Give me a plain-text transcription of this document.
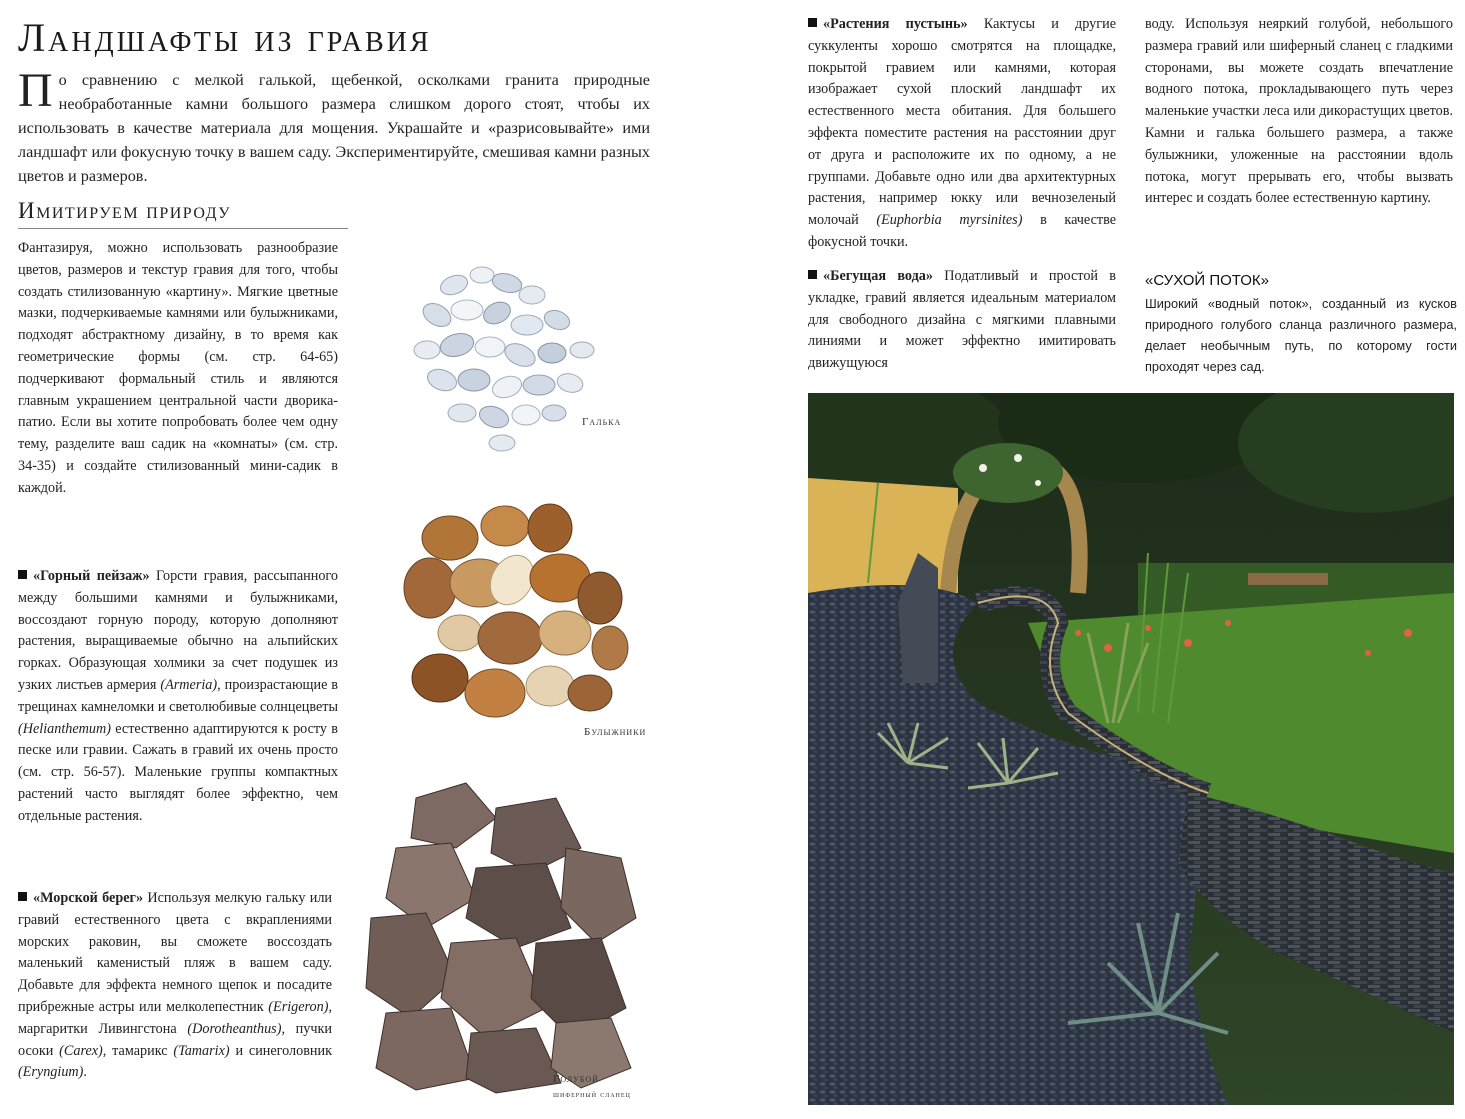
Ландшафты из гравия
По сравнению с мелкой галькой, щебенкой, осколками гранита природные необработанные камни большого размера слишком дорого стоят, чтобы их использовать в качестве материала для мощения. Украшайте и «разрисовывайте» ими ландшафт или фокусную точку в вашем саду. Экспериментируйте, смешивая камни разных цветов и размеров.
Имитируем природу
Фантазируя, можно использовать разнообразие цветов, размеров и текстур гравия для того, чтобы создать стилизованную «картину». Мягкие цветные мазки, подчеркиваемые камнями или булыжниками, подходят абстрактному дизайну, в то время как геометрические формы (см. стр. 64-65) подчеркивают формальный стиль и являются главным украшением центральной части дворика-патио. Если вы хотите попробовать более чем одну тему, разделите ваш садик на «комнаты» (см. стр. 34-35) и создайте стилизованный мини-садик в каждой.
«Горный пейзаж» Горсти гравия, рассыпанного между большими камнями и булыжниками, воссоздают горную породу, которую дополняют растения, выращиваемые обычно на альпийских горках. Образующая холмики за счет подушек из узких листьев армерия (Armeria), произрастающие в трещинах камнеломки и светолюбивые солнцецветы (Helianthemum) естественно адаптируются к росту в песке или гравии. Сажать в гравий их очень просто (см. стр. 56-57). Маленькие группы компактных растений часто выглядят более эффектно, чем отдельные растения.
«Морской берег» Используя мелкую гальку или гравий естественного цвета с вкраплениями морских раковин, вы сможете воссоздать маленький каменистый пляж в вашем саду. Добавьте для эффекта немного щепок и посадите прибрежные астры или мелколепестник (Erigeron), маргаритки Ливингстона (Dorotheanthus), пучки осоки (Carex), тамарикс (Tamarix) и синеголовник (Eryngium).
Галька
Булыжники
Голубой
шиферный сланец
«Растения пустынь» Кактусы и другие суккуленты хорошо смотрятся на площадке, покрытой гравием или камнями, которая изображает сухой плоский ландшафт их естественного места обитания. Для большего эффекта поместите растения на расстоянии друг от друга и расположите их по одному, а не группами. Добавьте одно или два архитектурных растения, например юкку или вечнозеленый молочай (Euphorbia myrsinites) в качестве фокусной точки.
«Бегущая вода» Податливый и простой в укладке, гравий является идеальным материалом для свободного дизайна с мягкими плавными линиями и может эффектно имитировать движущуюся
воду. Используя неяркий голубой, небольшого размера гравий или шиферный сланец с гладкими сторонами, вы можете создать впечатление водного потока, прокладывающего путь через маленькие участки леса или дикорастущих цветов. Камни и галька большего размера, а также булыжники, уложенные на расстоянии вдоль потока, могут прерывать его, чтобы вызвать интерес и создать более естественную картину.
«СУХОЙ ПОТОК»
Широкий «водный поток», созданный из кусков природного голубого сланца различного размера, делает необычным путь, по которому гости проходят через сад.
